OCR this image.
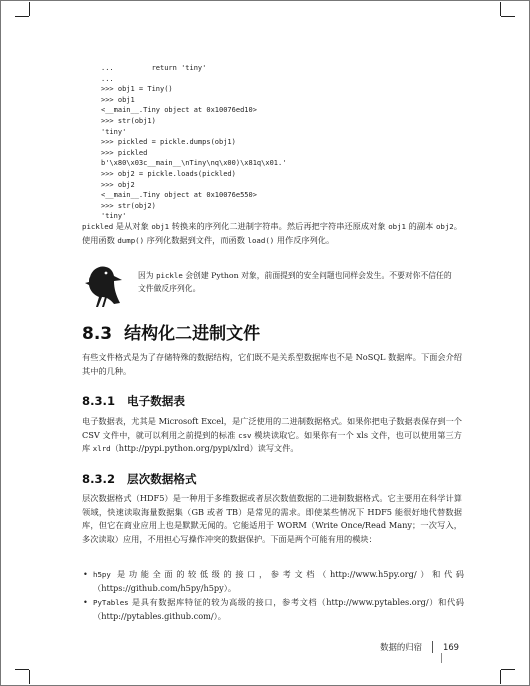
...         return 'tiny'
...
>>> obj1 = Tiny()
>>> obj1
<__main__.Tiny object at 0x10076ed10>
>>> str(obj1)
'tiny'
>>> pickled = pickle.dumps(obj1)
>>> pickled
b'\x80\x03c__main__\nTiny\nq\x00)\x81q\x01.'
>>> obj2 = pickle.loads(pickled)
>>> obj2
<__main__.Tiny object at 0x10076e550>
>>> str(obj2)
'tiny'

pickled 是从对象 obj1 转换来的序列化二进制字符串。然后再把字符串还原成对象 obj1 的副本 obj2。使用函数 dump() 序列化数据到文件，而函数 load() 用作反序列化。

因为 pickle 会创建 Python 对象，前面提到的安全问题也同样会发生。不要对你不信任的文件做反序列化。

8.3 结构化二进制文件

有些文件格式是为了存储特殊的数据结构，它们既不是关系型数据库也不是 NoSQL 数据库。下面会介绍其中的几种。

8.3.1 电子数据表

电子数据表，尤其是 Microsoft Excel，是广泛使用的二进制数据格式。如果你把电子数据表保存到一个 CSV 文件中，就可以利用之前提到的标准 csv 模块读取它。如果你有一个 xls 文件，也可以使用第三方库 xlrd（http://pypi.python.org/pypi/xlrd）读写文件。

8.3.2 层次数据格式

层次数据格式（HDF5）是一种用于多维数据或者层次数值数据的二进制数据格式。它主要用在科学计算领域，快速读取海量数据集（GB 或者 TB）是常见的需求。即使某些情况下 HDF5 能很好地代替数据库，但它在商业应用上也是默默无闻的。它能适用于 WORM（Write Once/Read Many；一次写入，多次读取）应用，不用担心写操作冲突的数据保护。下面是两个可能有用的模块：

• h5py 是功能全面的较低级的接口，参考文档（http://www.h5py.org/）和代码（https://github.com/h5py/h5py）。
• PyTables 是具有数据库特征的较为高级的接口，参考文档（http://www.pytables.org/）和代码（http://pytables.github.com/）。
数据的归宿	169
